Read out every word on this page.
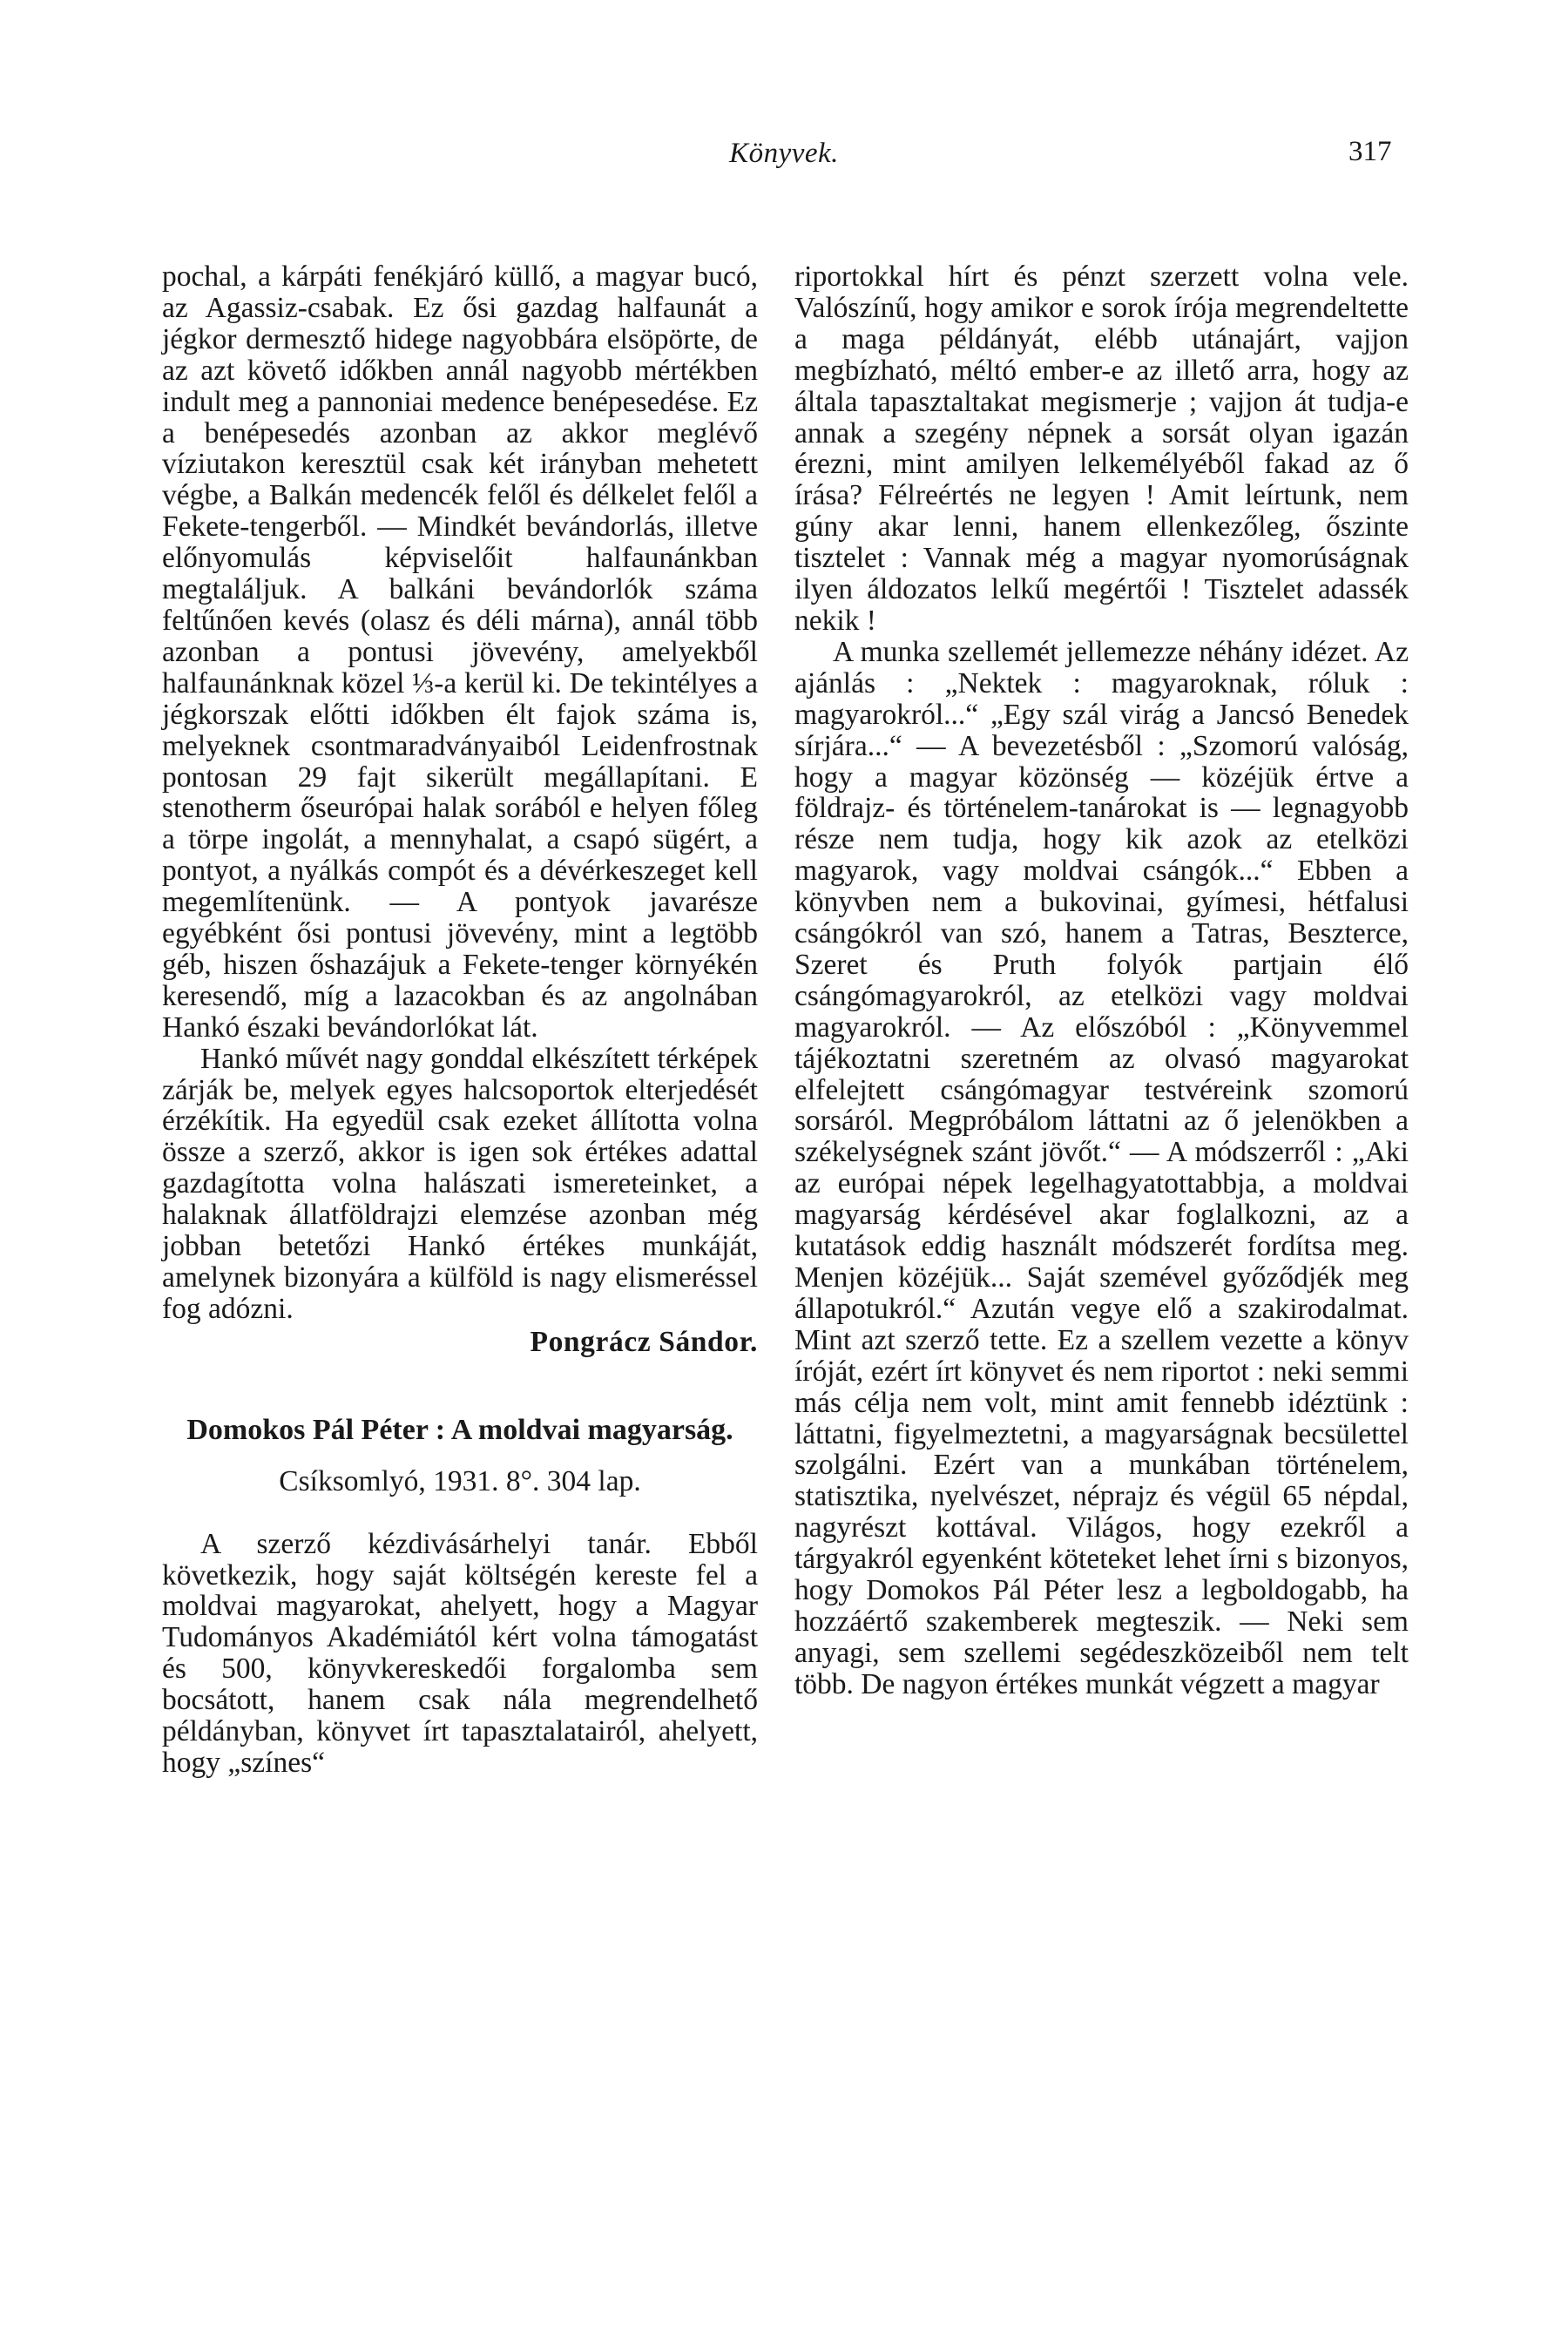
Könyvek.	317

pochal, a kárpáti fenékjáró küllő, a magyar bucó, az Agassiz-csabak. Ez ősi gazdag halfaunát a jégkor dermesztő hidege nagyobbára elsöpörte, de az azt követő időkben annál nagyobb mértékben indult meg a pannoniai medence benépesedése. Ez a benépesedés azonban az akkor meglévő víziutakon keresztül csak két irányban mehetett végbe, a Balkán medencék felől és délkelet felől a Fekete-tengerből. — Mindkét bevándorlás, illetve előnyomulás képviselőit halfaunánkban megtaláljuk. A balkáni bevándorlók száma feltűnően kevés (olasz és déli márna), annál több azonban a pontusi jövevény, amelyekből halfaunánknak közel ⅓-a kerül ki. De tekintélyes a jégkorszak előtti időkben élt fajok száma is, melyeknek csontmaradványaiból Leidenfrostnak pontosan 29 fajt sikerült megállapítani. E stenotherm őseurópai halak sorából e helyen főleg a törpe ingolát, a mennyhalat, a csapó sügért, a pontyot, a nyálkás compót és a dévérkeszeget kell megemlítenünk. — A pontyok javarésze egyébként ősi pontusi jövevény, mint a legtöbb géb, hiszen őshazájuk a Fekete-tenger környékén keresendő, míg a lazacokban és az angolnában Hankó északi bevándorlókat lát.

Hankó művét nagy gonddal elkészített térképek zárják be, melyek egyes halcsoportok elterjedését érzékítik. Ha egyedül csak ezeket állította volna össze a szerző, akkor is igen sok értékes adattal gazdagította volna halászati ismereteinket, a halaknak állatföldrajzi elemzése azonban még jobban betetőzi Hankó értékes munkáját, amelynek bizonyára a külföld is nagy elismeréssel fog adózni.

Pongrácz Sándor.

Domokos Pál Péter : A moldvai magyarság.

Csíksomlyó, 1931. 8°. 304 lap.

A szerző kézdivásárhelyi tanár. Ebből következik, hogy saját költségén kereste fel a moldvai magyarokat, ahelyett, hogy a Magyar Tudományos Akadémiától kért volna támogatást és 500, könyvkereskedői forgalomba sem bocsátott, hanem csak nála megrendelhető példányban, könyvet írt tapasztalatairól, ahelyett, hogy „színes“

riportokkal hírt és pénzt szerzett volna vele. Valószínű, hogy amikor e sorok írója megrendeltette a maga példányát, elébb utánajárt, vajjon megbízható, méltó ember-e az illető arra, hogy az általa tapasztaltakat megismerje ; vajjon át tudja-e annak a szegény népnek a sorsát olyan igazán érezni, mint amilyen lelkemélyéből fakad az ő írása? Félreértés ne legyen ! Amit leírtunk, nem gúny akar lenni, hanem ellenkezőleg, őszinte tisztelet : Vannak még a magyar nyomorúságnak ilyen áldozatos lelkű megértői ! Tisztelet adassék nekik !

A munka szellemét jellemezze néhány idézet. Az ajánlás : „Nektek : magyaroknak, róluk : magyarokról...“ „Egy szál virág a Jancsó Benedek sírjára...“ — A bevezetésből : „Szomorú valóság, hogy a magyar közönség — közéjük értve a földrajz- és történelem-tanárokat is — legnagyobb része nem tudja, hogy kik azok az etelközi magyarok, vagy moldvai csángók...“ Ebben a könyvben nem a bukovinai, gyímesi, hétfalusi csángókról van szó, hanem a Tatras, Beszterce, Szeret és Pruth folyók partjain élő csángómagyarokról, az etelközi vagy moldvai magyarokról. — Az előszóból : „Könyvemmel tájékoztatni szeretném az olvasó magyarokat elfelejtett csángómagyar testvéreink szomorú sorsáról. Megpróbálom láttatni az ő jelenökben a székelységnek szánt jövőt.“ — A módszerről : „Aki az európai népek legelhagyatottabbja, a moldvai magyarság kérdésével akar foglalkozni, az a kutatások eddig használt módszerét fordítsa meg. Menjen közéjük... Saját szemével győződjék meg állapotukról.“ Azután vegye elő a szakirodalmat. Mint azt szerző tette. Ez a szellem vezette a könyv íróját, ezért írt könyvet és nem riportot : neki semmi más célja nem volt, mint amit fennebb idéztünk : láttatni, figyelmeztetni, a magyarságnak becsülettel szolgálni. Ezért van a munkában történelem, statisztika, nyelvészet, néprajz és végül 65 népdal, nagyrészt kottával. Világos, hogy ezekről a tárgyakról egyenként köteteket lehet írni s bizonyos, hogy Domokos Pál Péter lesz a legboldogabb, ha hozzáértő szakemberek megteszik. — Neki sem anyagi, sem szellemi segédeszközeiből nem telt több. De nagyon értékes munkát végzett a magyar
